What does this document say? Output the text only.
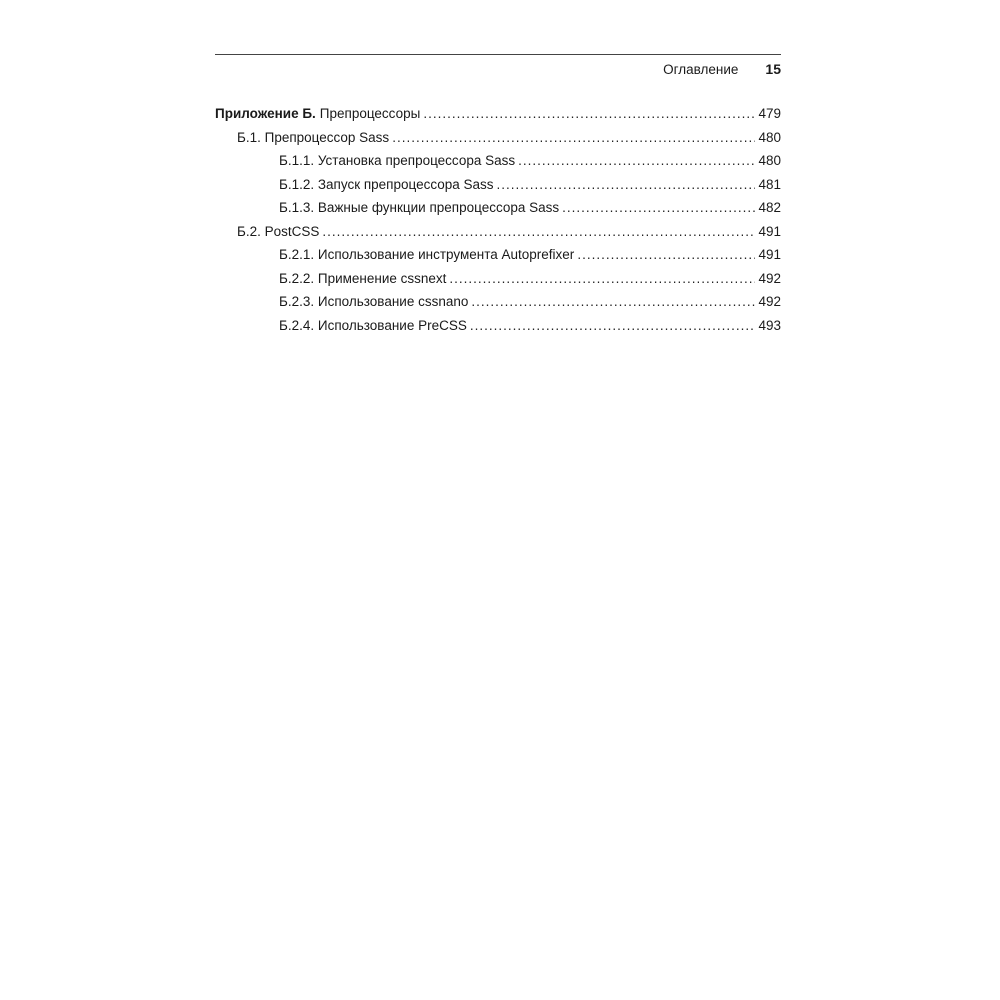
Оглавление 15
Приложение Б. Препроцессоры .....	479
Б.1. Препроцессор Sass .....	480
Б.1.1. Установка препроцессора Sass .....	480
Б.1.2. Запуск препроцессора Sass .....	481
Б.1.3. Важные функции препроцессора Sass .....	482
Б.2. PostCSS .....	491
Б.2.1. Использование инструмента Autoprefixer .....	491
Б.2.2. Применение cssnext .....	492
Б.2.3. Использование cssnano .....	492
Б.2.4. Использование PreCSS .....	493
